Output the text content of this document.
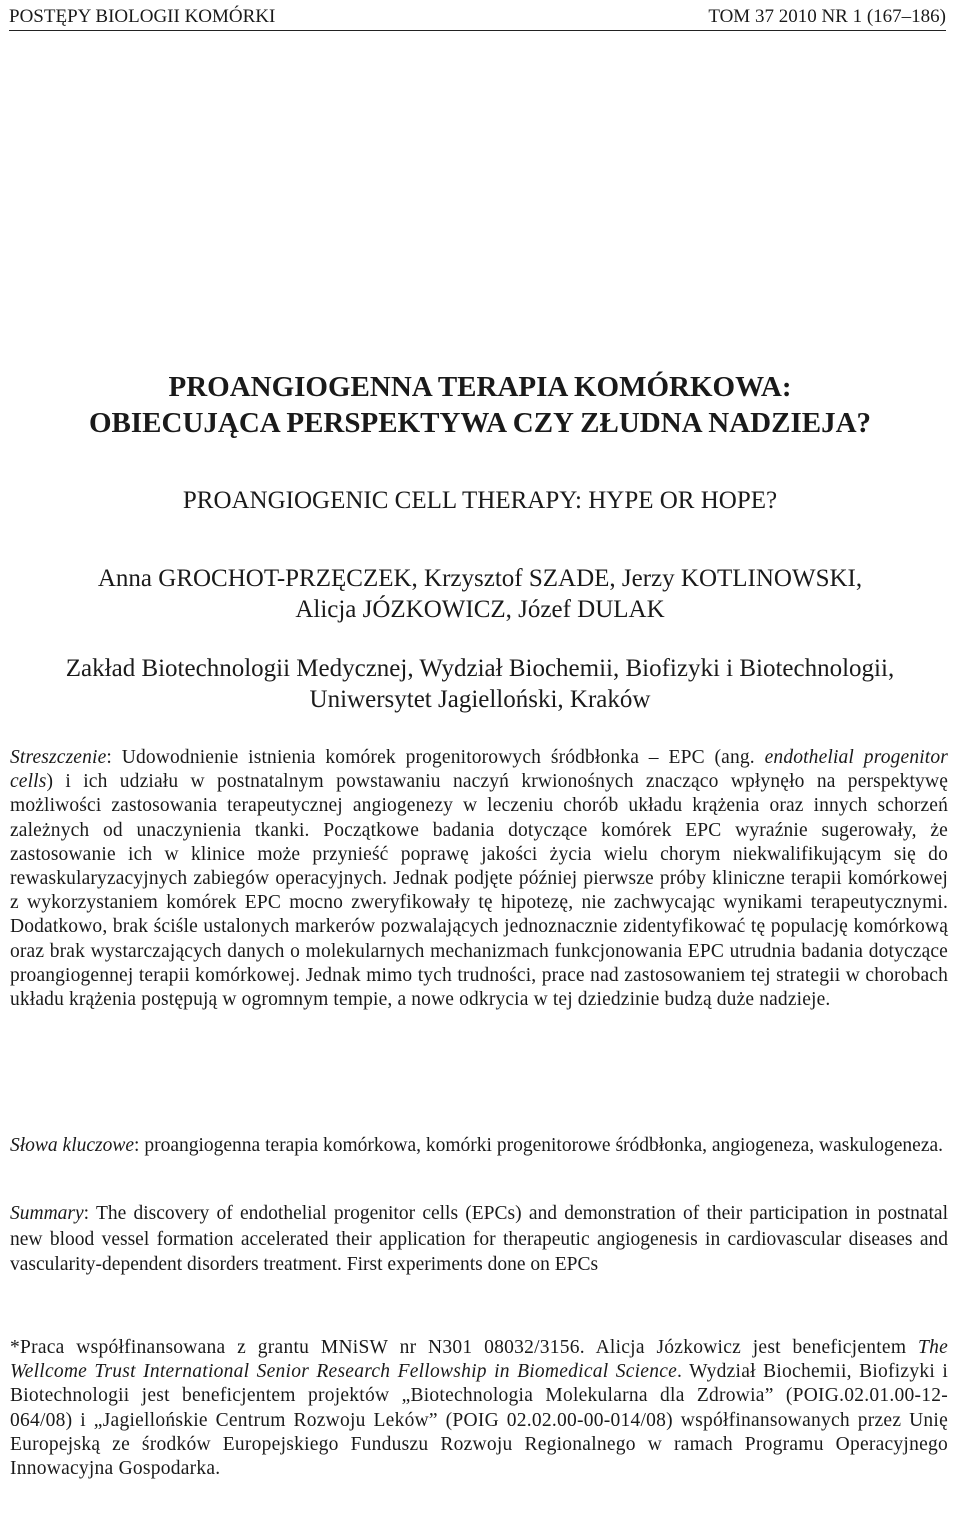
POSTĘPY BIOLOGII KOMÓRKI	TOM 37 2010 NR 1 (167–186)
PROANGIOGENNA TERAPIA KOMÓRKOWA:
OBIECUJĄCA PERSPEKTYWA CZY ZŁUDNA NADZIEJA?
PROANGIOGENIC CELL THERAPY: HYPE OR HOPE?
Anna GROCHOT-PRZĘCZEK, Krzysztof SZADE, Jerzy KOTLINOWSKI,
Alicja JÓZKOWICZ, Józef DULAK
Zakład Biotechnologii Medycznej, Wydział Biochemii, Biofizyki i Biotechnologii,
Uniwersytet Jagielloński, Kraków

Streszczenie: Udowodnienie istnienia komórek progenitorowych śródbłonka – EPC (ang. endothelial progenitor cells) i ich udziału w postnatalnym powstawaniu naczyń krwionośnych znacząco wpłynęło na perspektywę możliwości zastosowania terapeutycznej angiogenezy w leczeniu chorób układu krążenia oraz innych schorzeń zależnych od unaczynienia tkanki. Początkowe badania dotyczące komórek EPC wyraźnie sugerowały, że zastosowanie ich w klinice może przynieść poprawę jakości życia wielu chorym niekwalifikującym się do rewaskularyzacyjnych zabiegów operacyjnych. Jednak podjęte później pierwsze próby kliniczne terapii komórkowej z wykorzystaniem komórek EPC mocno zweryfikowały tę hipotezę, nie zachwycając wynikami terapeutycznymi. Dodatkowo, brak ściśle ustalonych markerów pozwalających jednoznacznie zidentyfikować tę populację komórkową oraz brak wystarczających danych o molekularnych mechanizmach funkcjonowania EPC utrudnia badania dotyczące proangiogennej terapii komórkowej. Jednak mimo tych trudności, prace nad zastosowaniem tej strategii w chorobach układu krążenia postępują w ogromnym tempie, a nowe odkrycia w tej dziedzinie budzą duże nadzieje.

Słowa kluczowe: proangiogenna terapia komórkowa, komórki progenitorowe śródbłonka, angiogeneza, waskulogeneza.
Summary: The discovery of endothelial progenitor cells (EPCs) and demonstration of their participation in postnatal new blood vessel formation accelerated their application for therapeutic angiogenesis in cardiovascular diseases and vascularity-dependent disorders treatment. First experiments done on EPCs
*Praca współfinansowana z grantu MNiSW nr N301 08032/3156. Alicja Józkowicz jest beneficjentem The Wellcome Trust International Senior Research Fellowship in Biomedical Science. Wydział Biochemii, Biofizyki i Biotechnologii jest beneficjentem projektów „Biotechnologia Molekularna dla Zdrowia” (POIG.02.01.00-12-064/08) i „Jagiellońskie Centrum Rozwoju Leków” (POIG 02.02.00-00-014/08) współfinansowanych przez Unię Europejską ze środków Europejskiego Funduszu Rozwoju Regionalnego w ramach Programu Operacyjnego Innowacyjna Gospodarka.
